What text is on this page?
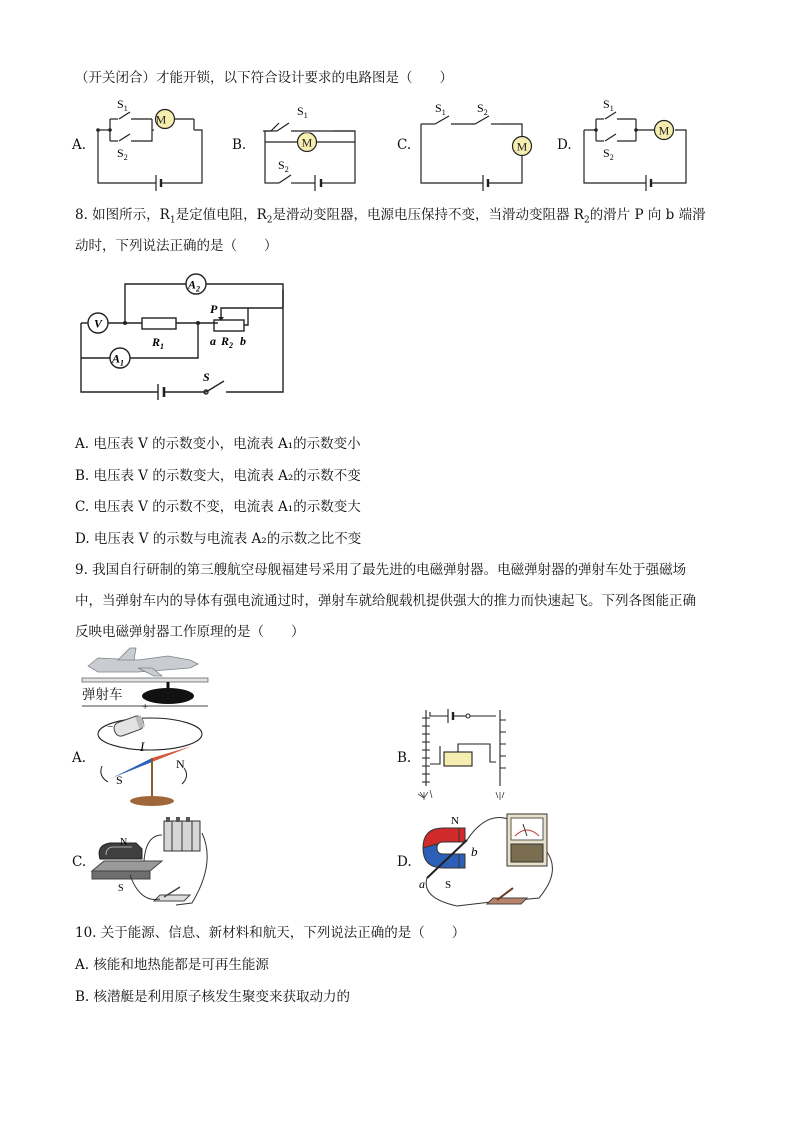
（开关闭合）才能开锁，以下符合设计要求的电路图是（　　）
A.
M
$S_1$
$S_2$
B.
$S_1$
$S_2$
M	C.
$S_1$	$S_2$
M D.
M
$S_1$
$S_2$
8. 如图所示，$R_1$是定值电阻，$R_2$是滑动变阻器，电源电压保持不变，当滑动变阻器 $R_2$的滑片 P 向 b 端滑
动时，下列说法正确的是（　　）
V
$A_2$
$A_1$
$R_1$
P
a $R_2$ b
S
A. 电压表 V 的示数变小，电流表 A₁的示数变小
B. 电压表 V 的示数变大，电流表 A₂的示数不变
C. 电压表 V 的示数不变，电流表 A₁的示数变大
D. 电压表 V 的示数与电流表 A₂的示数之比不变
9. 我国自行研制的第三艘航空母舰福建号采用了最先进的电磁弹射器。电磁弹射器的弹射车处于强磁场
中，当弹射车内的导体有强电流通过时，弹射车就给舰载机提供强大的推力而快速起飞。下列各图能正确
反映电磁弹射器工作原理的是（　　）
弹射车
A.
+
−
I
S
N	B.
C.
N
S
D.
N
S
a
b
10. 关于能源、信息、新材料和航天，下列说法正确的是（　　）
A. 核能和地热能都是可再生能源
B. 核潜艇是利用原子核发生聚变来获取动力的
